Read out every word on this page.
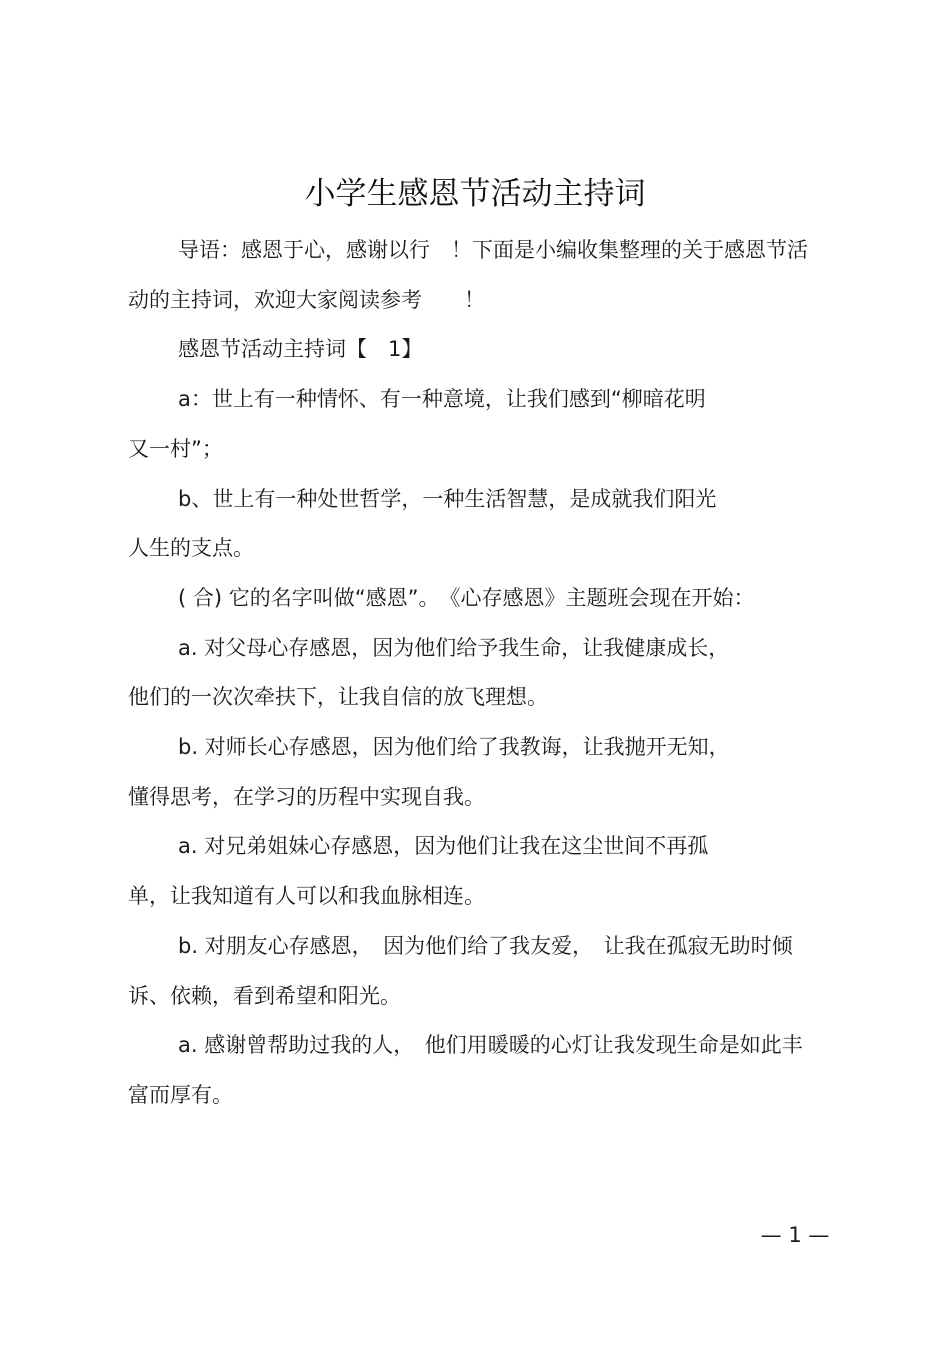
小学生感恩节活动主持词

导语：感恩于心，感谢以行　！下面是小编收集整理的关于感恩节活动的主持词，欢迎大家阅读参考　　！

感恩节活动主持词【　1】

a：世上有一种情怀、有一种意境，让我们感到“柳暗花明
又一村”；

b、世上有一种处世哲学，一种生活智慧，是成就我们阳光
人生的支点。

( 合) 它的名字叫做“感恩”。　《心存感恩》主题班会现在开始：

a. 对父母心存感恩，因为他们给予我生命，让我健康成长，
他们的一次次牵扶下，让我自信的放飞理想。

b. 对师长心存感恩，因为他们给了我教诲，让我抛开无知，
懂得思考，在学习的历程中实现自我。

a. 对兄弟姐妹心存感恩，因为他们让我在这尘世间不再孤
单，让我知道有人可以和我血脉相连。

b. 对朋友心存感恩，　因为他们给了我友爱，　让我在孤寂无助时倾诉、依赖，看到希望和阳光。

a. 感谢曾帮助过我的人，　他们用暖暖的心灯让我发现生命是如此丰富而厚有。

— 1 —
